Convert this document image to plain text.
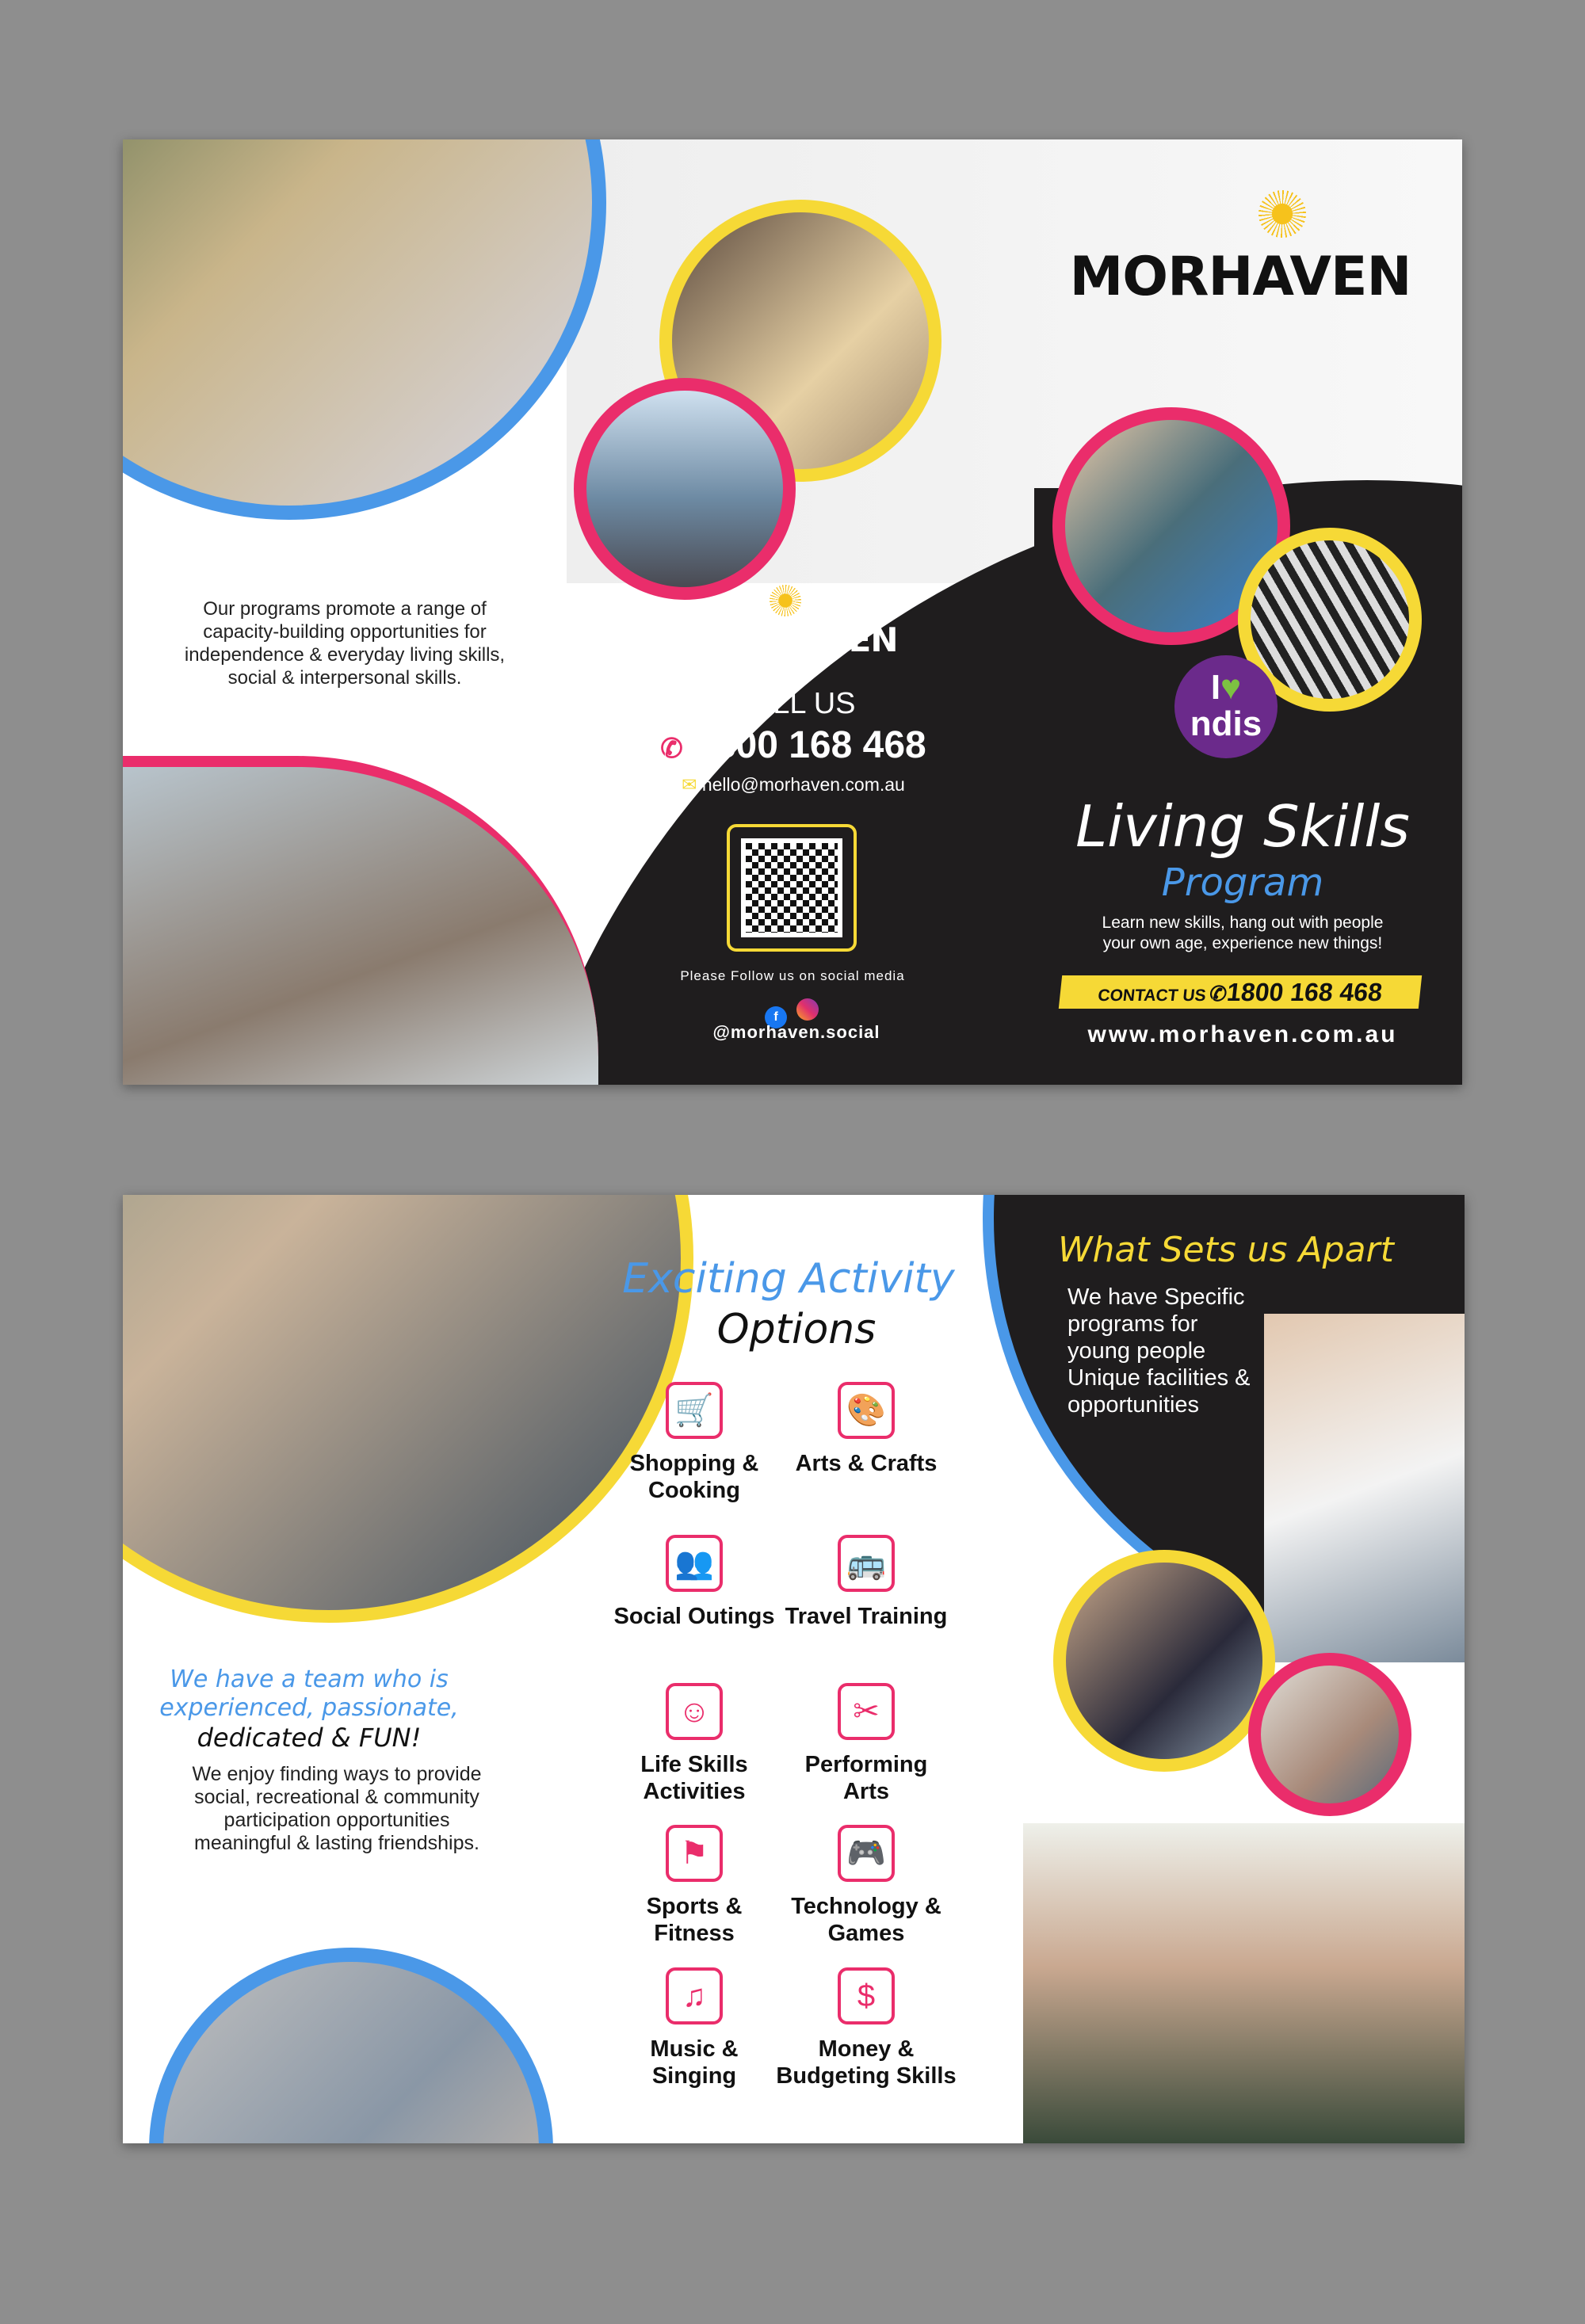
Our programs promote a range of capacity-building opportunities for independence & everyday living skills, social & interpersonal skills.
MORHAVEN
CALL US
✆ 1800 168 468
✉ hello@morhaven.com.au
Please Follow us on social media
f
@morhaven.social
MORHAVEN
I♥
ndis
Living Skills
Program
Learn new skills, hang out with people
your own age, experience new things!
CONTACT US ✆1800 168 468
www.morhaven.com.au
We have a team who is
experienced, passionate,
dedicated & FUN!
We enjoy finding ways to provide social, recreational & community participation opportunities meaningful & lasting friendships.
Exciting Activity
Options
🛒
Shopping & Cooking
🎨
Arts & Crafts
👥
Social Outings
🚌
Travel Training
☺
Life Skills Activities
✂
Performing Arts
⚑
Sports & Fitness
🎮
Technology & Games
♫
Music & Singing
$
Money & Budgeting Skills
What Sets us Apart
We have Specific programs for young people Unique facilities & opportunities
